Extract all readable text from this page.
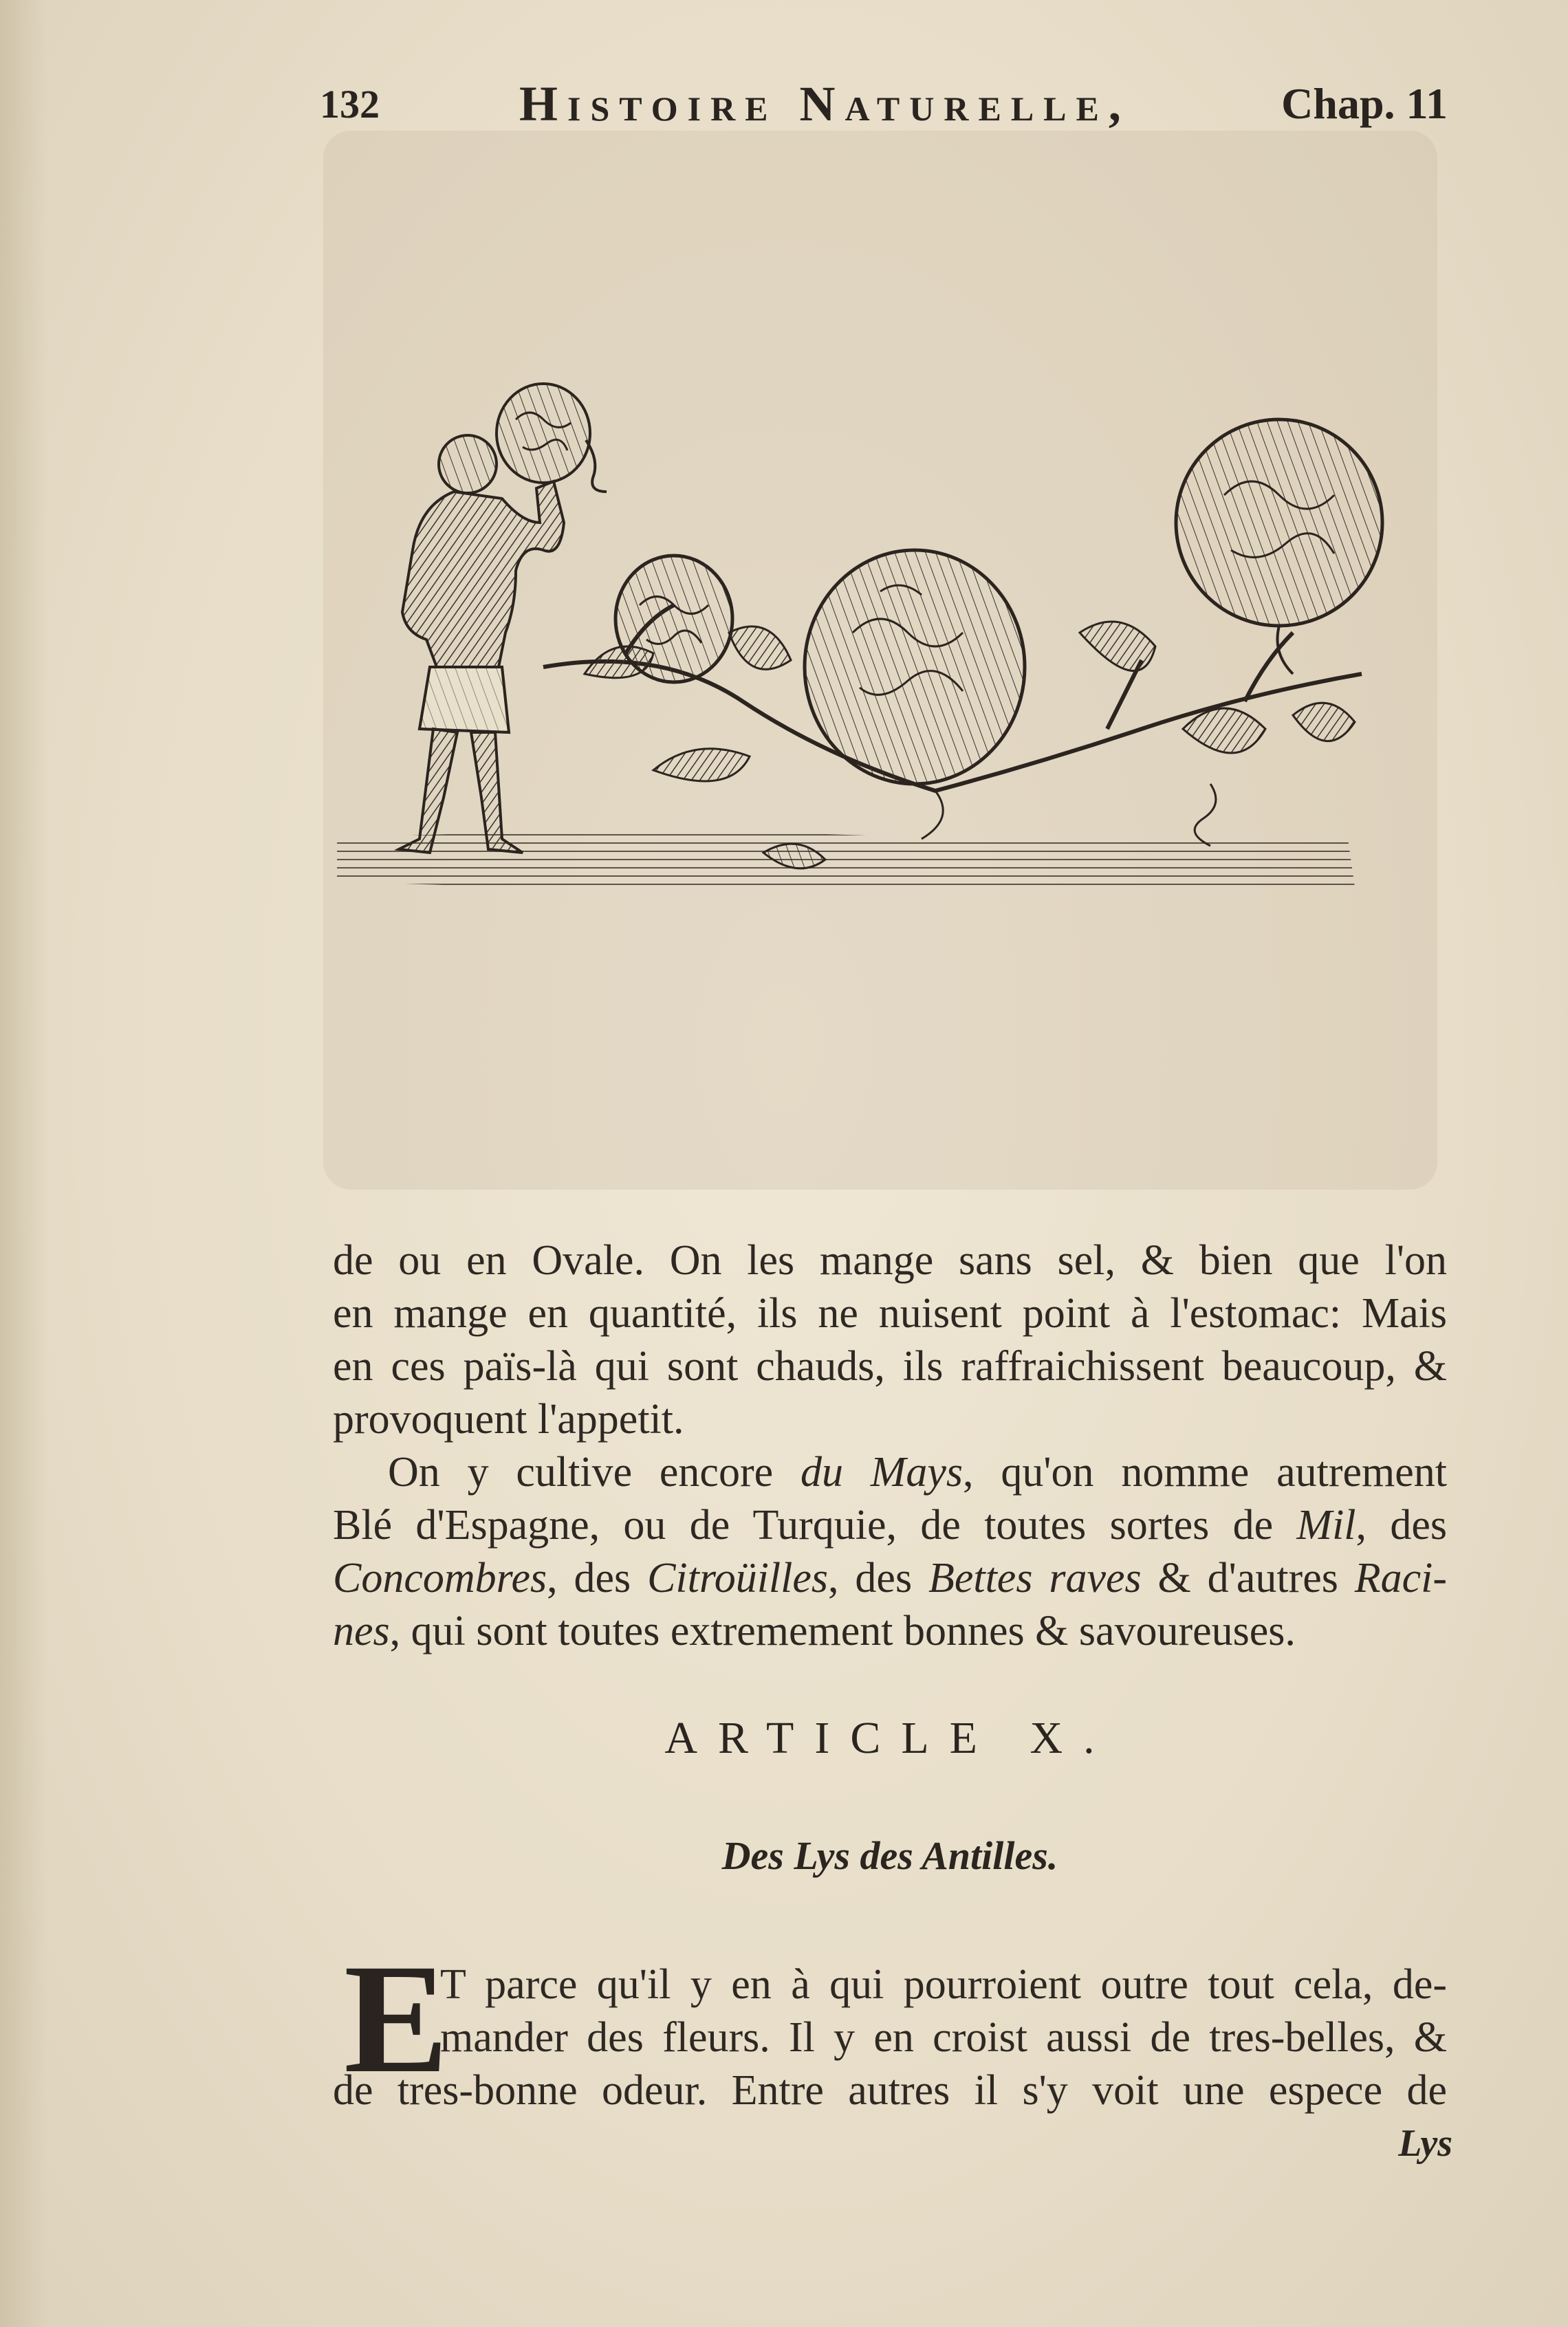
132	Histoire Naturelle,	Chap. 11
de ou en Ovale. On les mange sans sel, & bien que l'on
en mange en quantité, ils ne nuisent point à l'estomac: Mais
en ces païs-là qui sont chauds, ils raffraichissent beaucoup, &
provoquent l'appetit.
On y cultive encore du Mays, qu'on nomme autrement
Blé d'Espagne, ou de Turquie, de toutes sortes de Mil, des
Concombres, des Citroüilles, des Bettes raves & d'autres Raci-
nes, qui sont toutes extremement bonnes & savoureuses.
ARTICLE X.
Des Lys des Antilles.
E
T parce qu'il y en à qui pourroient outre tout cela, de-
mander des fleurs. Il y en croist aussi de tres-belles, &
de tres-bonne odeur. Entre autres il s'y voit une espece de
Lys
